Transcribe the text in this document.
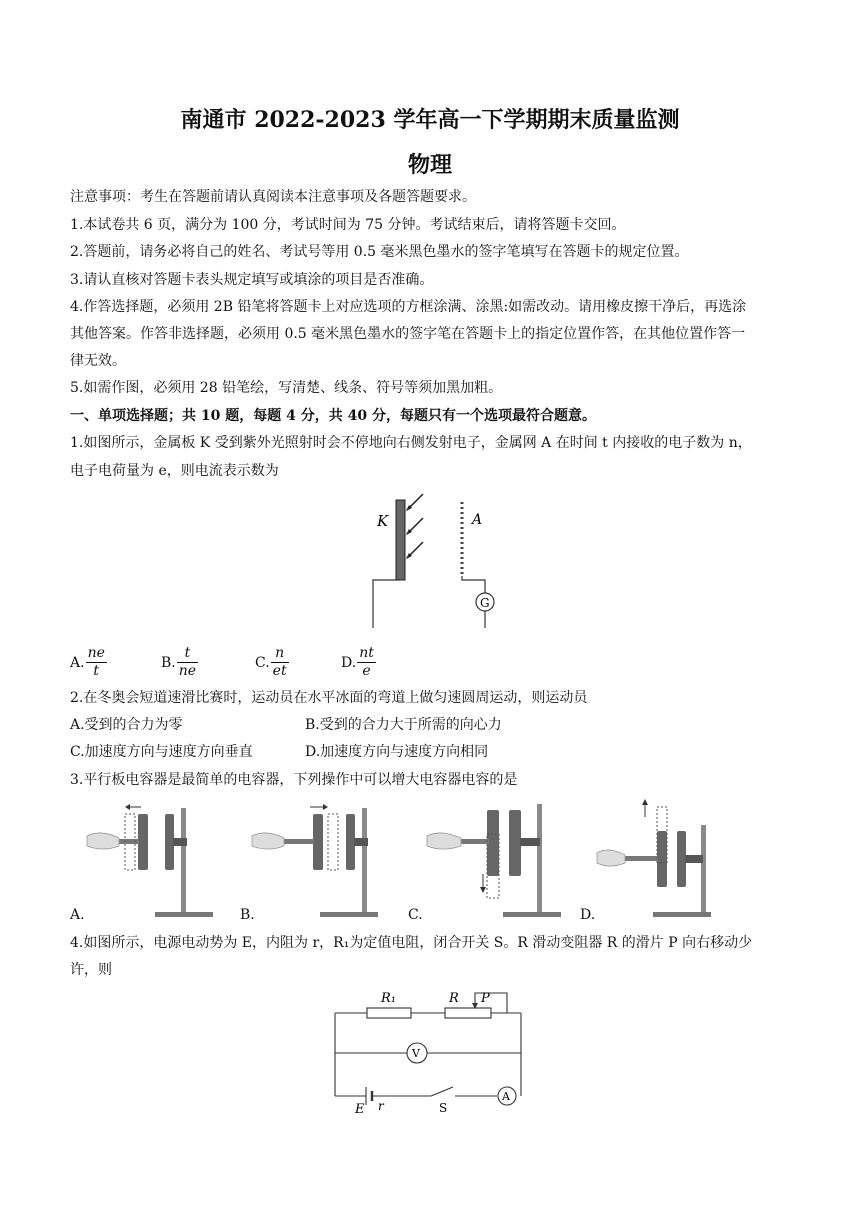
南通市 2022-2023 学年高一下学期期末质量监测
物理
注意事项：考生在答题前请认真阅读本注意事项及各题答题要求。
1.本试卷共 6 页，满分为 100 分，考试时间为 75 分钟。考试结束后，请将答题卡交回。
2.答题前，请务必将自己的姓名、考试号等用 0.5 毫米黑色墨水的签字笔填写在答题卡的规定位置。
3.请认直核对答题卡表头规定填写或填涂的项目是否准确。
4.作答选择题，必须用 2B 铅笔将答题卡上对应选项的方框涂满、涂黑:如需改动。请用橡皮擦干净后，再选涂
其他答案。作答非选择题，必须用 0.5 毫米黑色墨水的签字笔在答题卡上的指定位置作答，在其他位置作答一
律无效。
5.如需作图，必须用 28 铅笔绘，写清楚、线条、符号等须加黑加粗。
一、单项选择题；共 10 题，每题 4 分，共 40 分，每题只有一个选项最符合题意。
1.如图所示，金属板 K 受到紫外光照射时会不停地向右侧发射电子，金属网 A 在时间 t 内接收的电子数为 n，
电子电荷量为 e，则电流表示数为
K	A
G
A. $\frac{ne}{t}$	B. $\frac{t}{ne}$	C. $\frac{n}{et}$	D. $\frac{nt}{e}$
2.在冬奥会短道速滑比赛时，运动员在水平冰面的弯道上做匀速圆周运动，则运动员
A.受到的合力为零	B.受到的合力大于所需的向心力
C.加速度方向与速度方向垂直	D.加速度方向与速度方向相同
3.平行板电容器是最简单的电容器，下列操作中可以增大电容器电容的是
A.	B.	C.	D.
4.如图所示，电源电动势为 E，内阻为 r，R₁为定值电阻，闭合开关 S。R 滑动变阻器 R 的滑片 P 向右移动少
许，则
R₁	R P
V
E r	S
A
